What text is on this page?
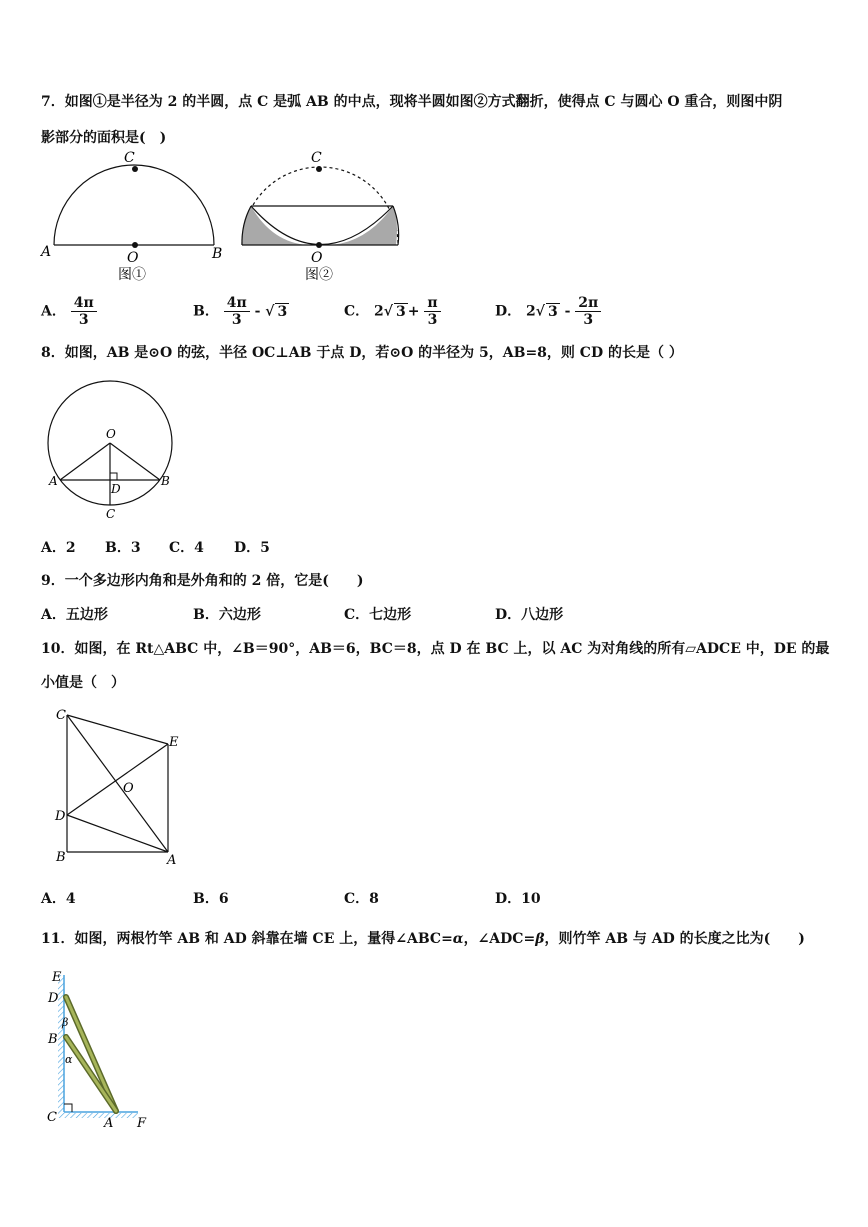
7．如图①是半径为 2 的半圆，点 C 是弧 AB 的中点，现将半圆如图②方式翻折，使得点 C 与圆心 O 重合，则图中阴
影部分的面积是(　)
C
A	B
O
图①
C
O
图②
A． $\frac{4\pi}{3}$	B． $\frac{4\pi}{3}$ - √ 3	C． 2√ $3 + \frac{\pi}{3}$	D． 2√ $3 - \frac{2\pi}{3}$
8．如图，AB 是⊙O 的弦，半径 OC⊥AB 于点 D，若⊙O 的半径为 5，AB=8，则 CD 的长是（ ）
O
A	B
D
C
A．2 B．3 C．4 D．5
9．一个多边形内角和是外角和的 2 倍，它是(　　)
A．五边形	B．六边形	C．七边形	D．八边形
10．如图，在 Rt△ABC 中，∠B＝90°，AB＝6，BC＝8，点 D 在 BC 上，以 AC 为对角线的所有▱ADCE 中，DE 的最
小值是（　）
C
E
O
D
B	A
A．4	B．6	C．8	D．10
11．如图，两根竹竿 AB 和 AD 斜靠在墙 CE 上，量得∠ABC=α，∠ADC=β，则竹竿 AB 与 AD 的长度之比为(　　)
E
D
B
C	A F
β
α
